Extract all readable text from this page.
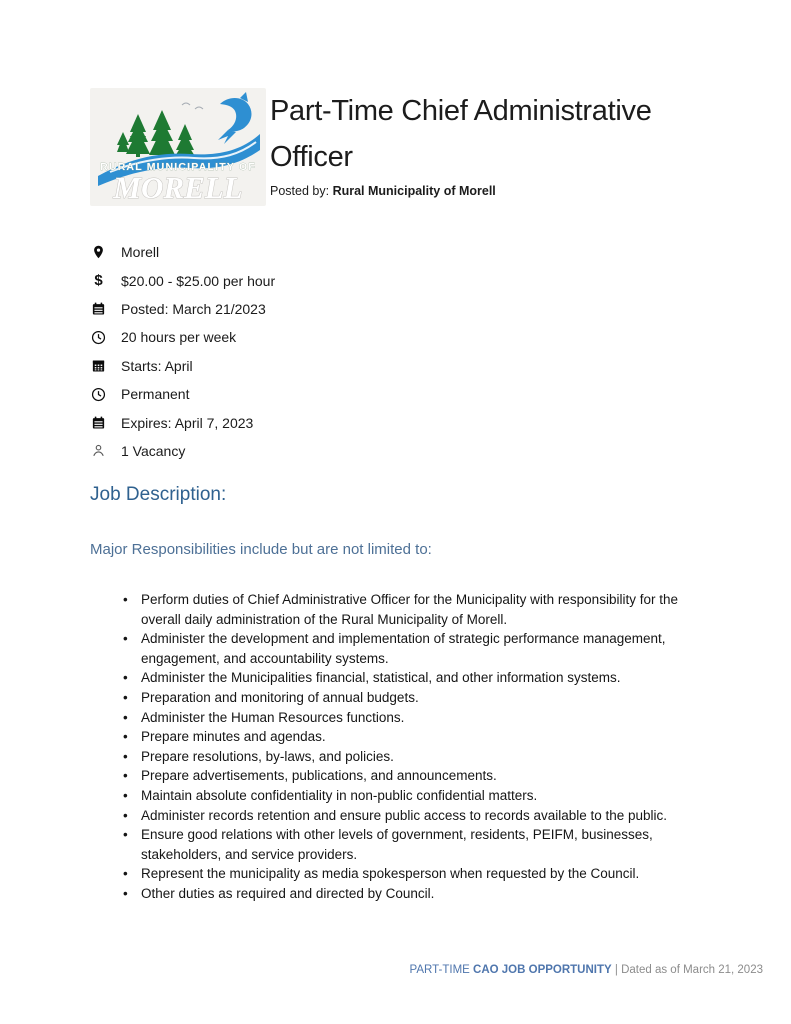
RURAL MUNICIPALITY OF
MORELL
Part-Time Chief Administrative
Officer
Posted by: Rural Municipality of Morell
Morell
$ $20.00 - $25.00 per hour
Posted: March 21/2023
20 hours per week
Starts: April
Permanent
Expires: April 7, 2023
1 Vacancy
Job Description:
Major Responsibilities include but are not limited to:
• Perform duties of Chief Administrative Officer for the Municipality with responsibility for the overall daily administration of the Rural Municipality of Morell.
• Administer the development and implementation of strategic performance management, engagement, and accountability systems.
• Administer the Municipalities financial, statistical, and other information systems.
• Preparation and monitoring of annual budgets.
• Administer the Human Resources functions.
• Prepare minutes and agendas.
• Prepare resolutions, by-laws, and policies.
• Prepare advertisements, publications, and announcements.
• Maintain absolute confidentiality in non-public confidential matters.
• Administer records retention and ensure public access to records available to the public.
• Ensure good relations with other levels of government, residents, PEIFM, businesses, stakeholders, and service providers.
• Represent the municipality as media spokesperson when requested by the Council.
• Other duties as required and directed by Council.
PART-TIME CAO JOB OPPORTUNITY | Dated as of March 21, 2023
